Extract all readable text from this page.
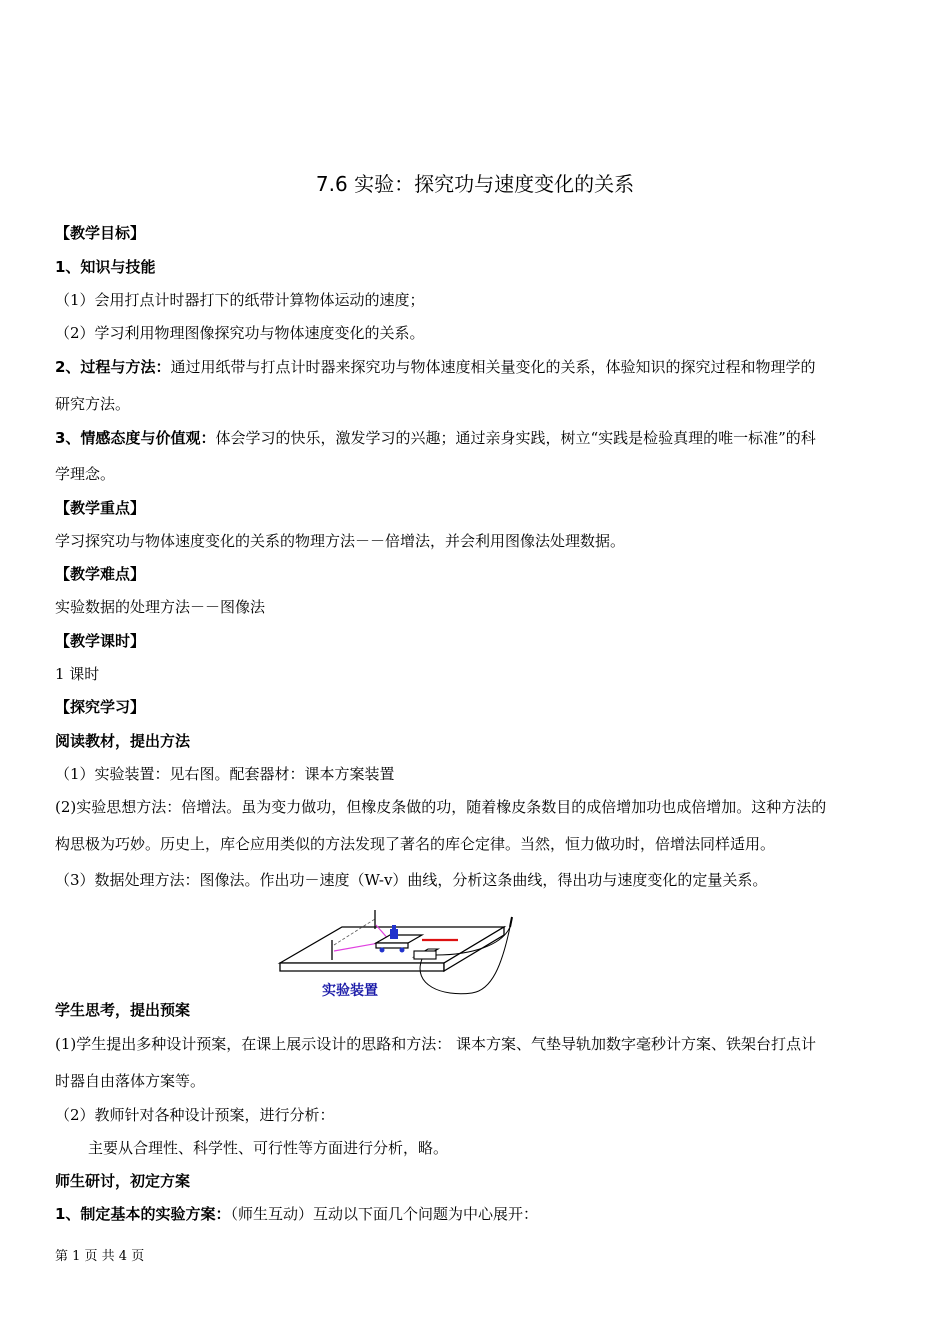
7.6 实验：探究功与速度变化的关系
【教学目标】
1、知识与技能
（1）会用打点计时器打下的纸带计算物体运动的速度；
（2）学习利用物理图像探究功与物体速度变化的关系。
2、过程与方法：通过用纸带与打点计时器来探究功与物体速度相关量变化的关系，体验知识的探究过程和物理学的
研究方法。
3、情感态度与价值观：体会学习的快乐，激发学习的兴趣；通过亲身实践，树立“实践是检验真理的唯一标准”的科
学理念。
【教学重点】
学习探究功与物体速度变化的关系的物理方法－－倍增法，并会利用图像法处理数据。
【教学难点】
实验数据的处理方法－－图像法
【教学课时】
1 课时
【探究学习】
阅读教材，提出方法
（1）实验装置：见右图。配套器材：课本方案装置
(2)实验思想方法：倍增法。虽为变力做功，但橡皮条做的功，随着橡皮条数目的成倍增加功也成倍增加。这种方法的
构思极为巧妙。历史上，库仑应用类似的方法发现了著名的库仑定律。当然，恒力做功时，倍增法同样适用。
（3）数据处理方法：图像法。作出功－速度（W-v）曲线，分析这条曲线，得出功与速度变化的定量关系。
实验装置
学生思考，提出预案
(1)学生提出多种设计预案，在课上展示设计的思路和方法： 课本方案、气垫导轨加数字毫秒计方案、铁架台打点计
时器自由落体方案等。
（2）教师针对各种设计预案，进行分析：
主要从合理性、科学性、可行性等方面进行分析，略。
师生研讨，初定方案
1、制定基本的实验方案：（师生互动）互动以下面几个问题为中心展开：
第 1 页 共 4 页
